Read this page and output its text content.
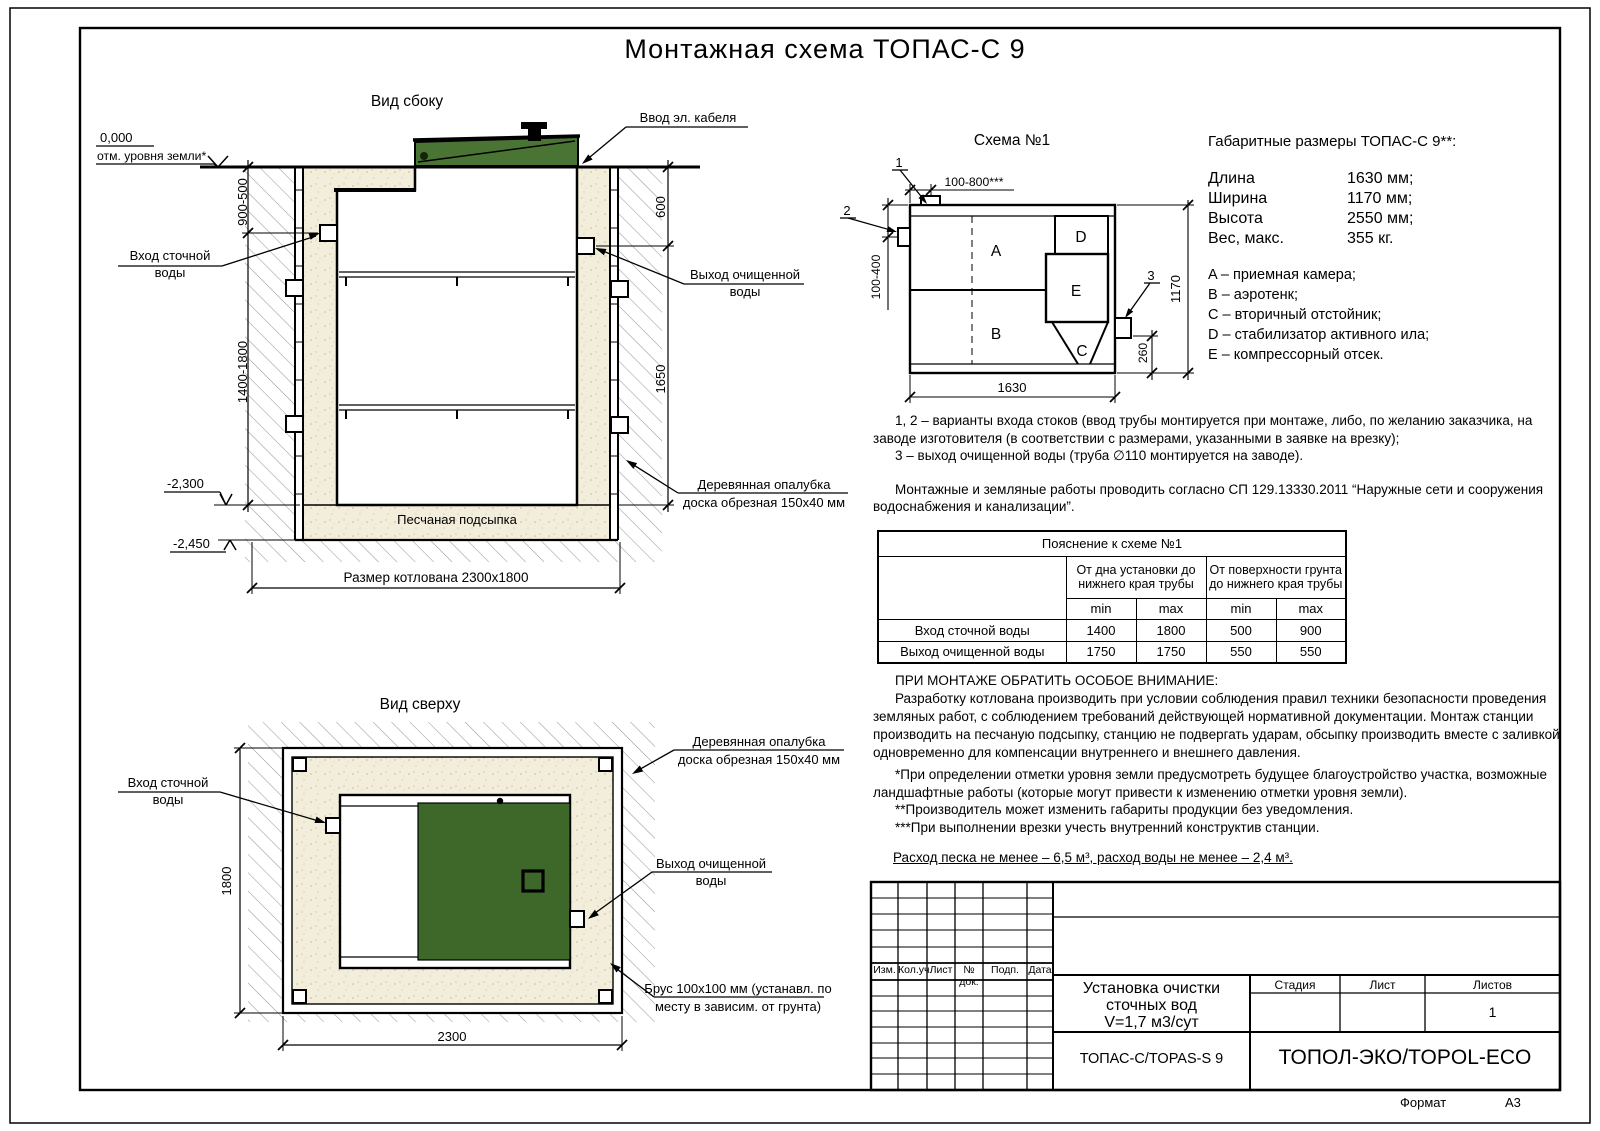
Вид сбоку
0,000
отм. уровня земли*
900-500
1400-1800
Вход сточной
воды
Ввод эл. кабеля
Выход очищенной
воды
600
1650
Деревянная опалубка
доска обрезная 150x40 мм
Песчаная подсыпка
-2,300
-2,450
Размер котлована 2300x1800
Вид сверху
Вход сточной
воды
1800
Деревянная опалубка
доска обрезная 150x40 мм
Выход очищенной
воды
Брус 100x100 мм (устанавл. по
месту в зависим. от грунта)
2300
Схема №1
1
2
3
100-800***
100-400	1170
260
1630
A
B
C
D
E
Монтажная схема ТОПАС-С 9
Габаритные размеры ТОПАС-С 9**:
Длина	1630 мм;
Ширина	1170 мм;
Высота	2550 мм;
Вес, макс.	355 кг.
A – приемная камера;
B – аэротенк;
C – вторичный отстойник;
D – стабилизатор активного ила;
E – компрессорный отсек.

1, 2 – варианты входа стоков (ввод трубы монтируется при монтаже, либо, по желанию заказчика, на заводе изготовителя (в соответствии с размерами, указанными в заявке на врезку);

3 – выход очищенной воды (труба ∅110 монтируется на заводе).

Монтажные и земляные работы проводить согласно СП 129.13330.2011 “Наружные сети и сооружения водоснабжения и канализации”.

Пояснение к схеме №1				
	От дна установки до нижнего края трубы		От поверхности грунта до нижнего края трубы	
	min	max	min	max
Вход сточной воды	1400	1800	500	900
Выход очищенной воды	1750	1750	550	550
ПРИ МОНТАЖЕ ОБРАТИТЬ ОСОБОЕ ВНИМАНИЕ:

Разработку котлована производить при условии соблюдения правил техники безопасности проведения земляных работ, с соблюдением требований действующей нормативной документации. Монтаж станции производить на песчаную подсыпку, станцию не подвергать ударам, обсыпку производить вместе с заливкой одновременно для компенсации внутреннего и внешнего давления.

*При определении отметки уровня земли предусмотреть будущее благоустройство участка, возможные ландшафтные работы (которые могут привести к изменению отметки уровня земли).

**Производитель может изменить габариты продукции без уведомления.

***При выполнении врезки учесть внутренний конструктив станции.

Расход песка не менее – 6,5 м³, расход воды не менее – 2,4 м³.
Изм. Кол.уч.
Лист	№ док.
Подп. Дата
Установка очистки
сточных вод
V=1,7 м3/сут
Стадия	Лист	Листов
1
ТОПАС-С/TOPAS-S 9	ТОПОЛ-ЭКО/TOPOL-ECO
Формат	А3
